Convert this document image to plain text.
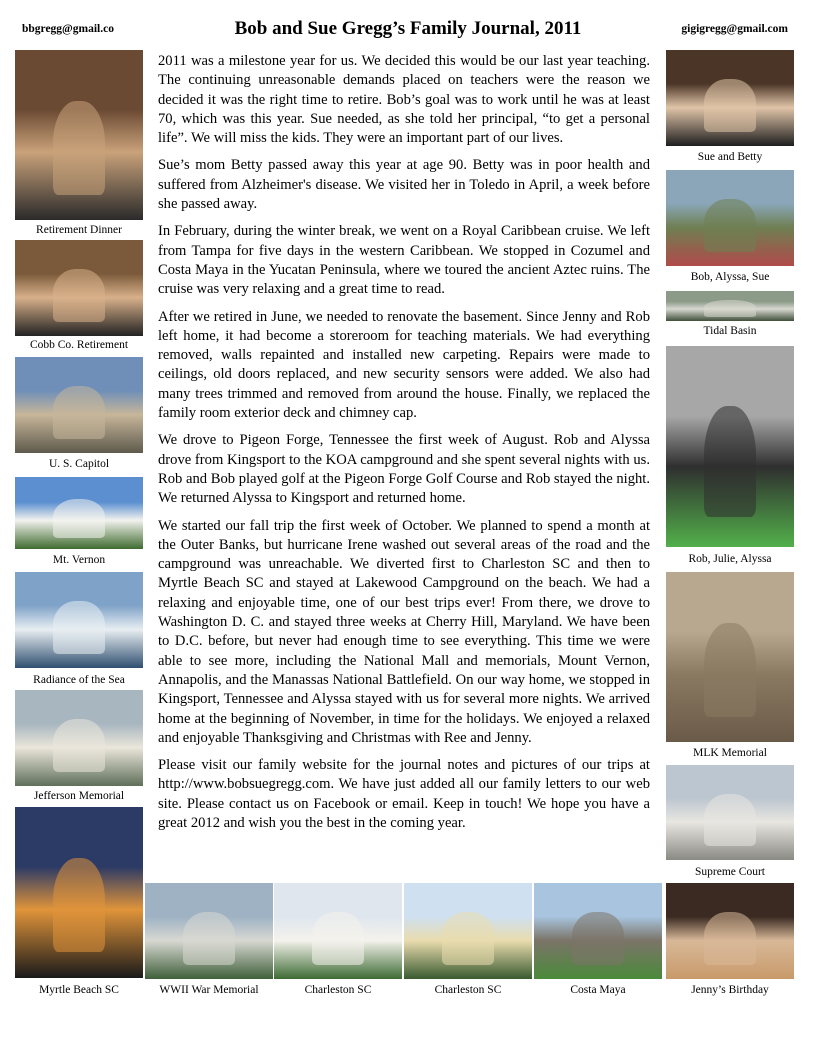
bbgregg@gmail.co	Bob and Sue Gregg’s Family Journal, 2011	gigigregg@gmail.com

2011 was a milestone year for us. We decided this would be our last year teaching. The continuing unreasonable demands placed on teachers were the reason we decided it was the right time to retire. Bob’s goal was to work until he was at least 70, which was this year. Sue needed, as she told her principal, “to get a personal life”. We will miss the kids. They were an important part of our lives.

Sue’s mom Betty passed away this year at age 90. Betty was in poor health and suffered from Alzheimer's disease. We visited her in Toledo in April, a week before she passed away.

In February, during the winter break, we went on a Royal Caribbean cruise. We left from Tampa for five days in the western Caribbean. We stopped in Cozumel and Costa Maya in the Yucatan Peninsula, where we toured the ancient Aztec ruins. The cruise was very relaxing and a great time to read.

After we retired in June, we needed to renovate the basement. Since Jenny and Rob left home, it had become a storeroom for teaching materials. We had everything removed, walls repainted and installed new carpeting. Repairs were made to ceilings, old doors replaced, and new security sensors were added. We also had many trees trimmed and removed from around the house. Finally, we replaced the family room exterior deck and chimney cap.

We drove to Pigeon Forge, Tennessee the first week of August. Rob and Alyssa drove from Kingsport to the KOA campground and she spent several nights with us. Rob and Bob played golf at the Pigeon Forge Golf Course and Rob stayed the night. We returned Alyssa to Kingsport and returned home.

We started our fall trip the first week of October. We planned to spend a month at the Outer Banks, but hurricane Irene washed out several areas of the road and the campground was unreachable. We diverted first to Charleston SC and then to Myrtle Beach SC and stayed at Lakewood Campground on the beach. We had a relaxing and enjoyable time, one of our best trips ever! From there, we drove to Washington D. C. and stayed three weeks at Cherry Hill, Maryland. We have been to D.C. before, but never had enough time to see everything. This time we were able to see more, including the National Mall and memorials, Mount Vernon, Annapolis, and the Manassas National Battlefield. On our way home, we stopped in Kingsport, Tennessee and Alyssa stayed with us for several more nights. We arrived home at the beginning of November, in time for the holidays. We enjoyed a relaxed and enjoyable Thanksgiving and Christmas with Ree and Jenny.

Please visit our family website for the journal notes and pictures of our trips at http://www.bobsuegregg.com. We have just added all our family letters to our web site. Please contact us on Facebook or email. Keep in touch! We hope you have a great 2012 and wish you the best in the coming year.

Retirement Dinner
Cobb Co. Retirement
U. S. Capitol
Mt. Vernon
Radiance of the Sea
Jefferson Memorial
Myrtle Beach SC
Sue and Betty
Bob, Alyssa, Sue
Tidal Basin
Rob, Julie, Alyssa
MLK Memorial
Supreme Court
Jenny’s Birthday
WWII War Memorial	Charleston SC	Charleston SC	Costa Maya
